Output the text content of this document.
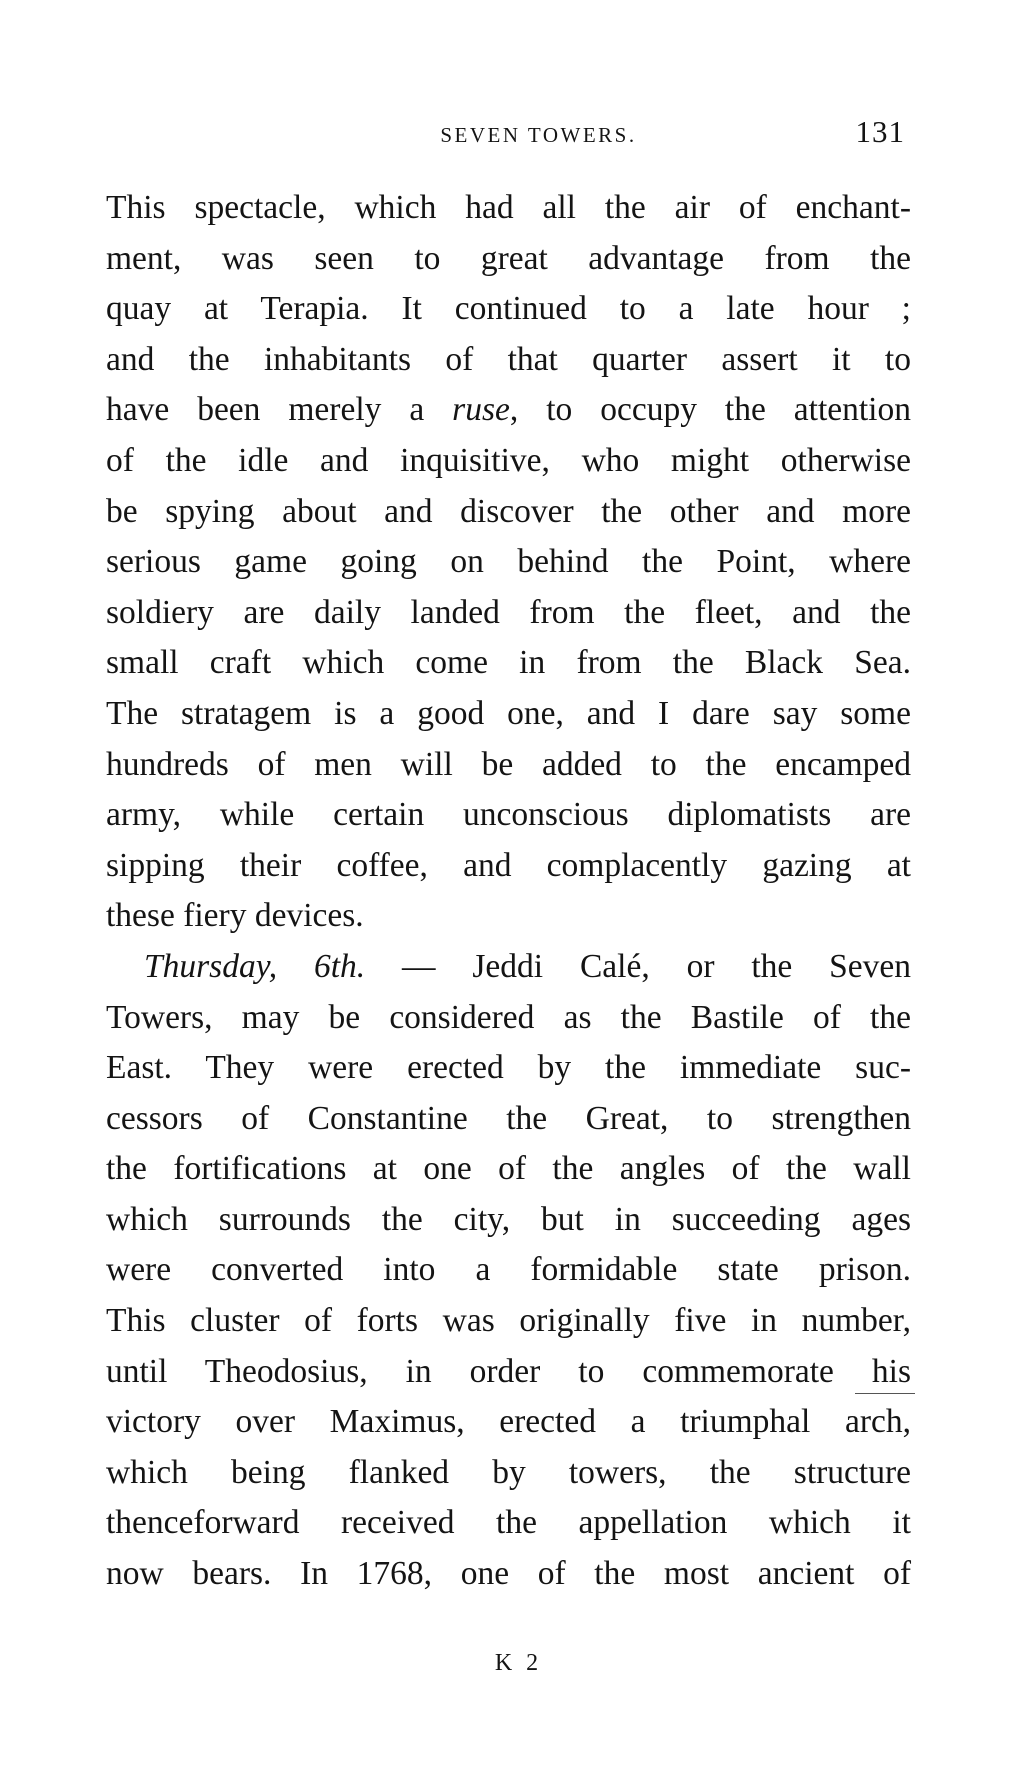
SEVEN TOWERS.	131
This spectacle, which had all the air of enchant-
ment, was seen to great advantage from the
quay at Terapia. It continued to a late hour ;
and the inhabitants of that quarter assert it to
have been merely a ruse, to occupy the attention
of the idle and inquisitive, who might otherwise
be spying about and discover the other and more
serious game going on behind the Point, where
soldiery are daily landed from the fleet, and the
small craft which come in from the Black Sea.
The stratagem is a good one, and I dare say some
hundreds of men will be added to the encamped
army, while certain unconscious diplomatists are
sipping their coffee, and complacently gazing at
these fiery devices.
Thursday, 6th. — Jeddi Calé, or the Seven
Towers, may be considered as the Bastile of the
East. They were erected by the immediate suc-
cessors of Constantine the Great, to strengthen
the fortifications at one of the angles of the wall
which surrounds the city, but in succeeding ages
were converted into a formidable state prison.
This cluster of forts was originally five in number,
until Theodosius, in order to commemorate his
victory over Maximus, erected a triumphal arch,
which being flanked by towers, the structure
thenceforward received the appellation which it
now bears. In 1768, one of the most ancient of
K 2
